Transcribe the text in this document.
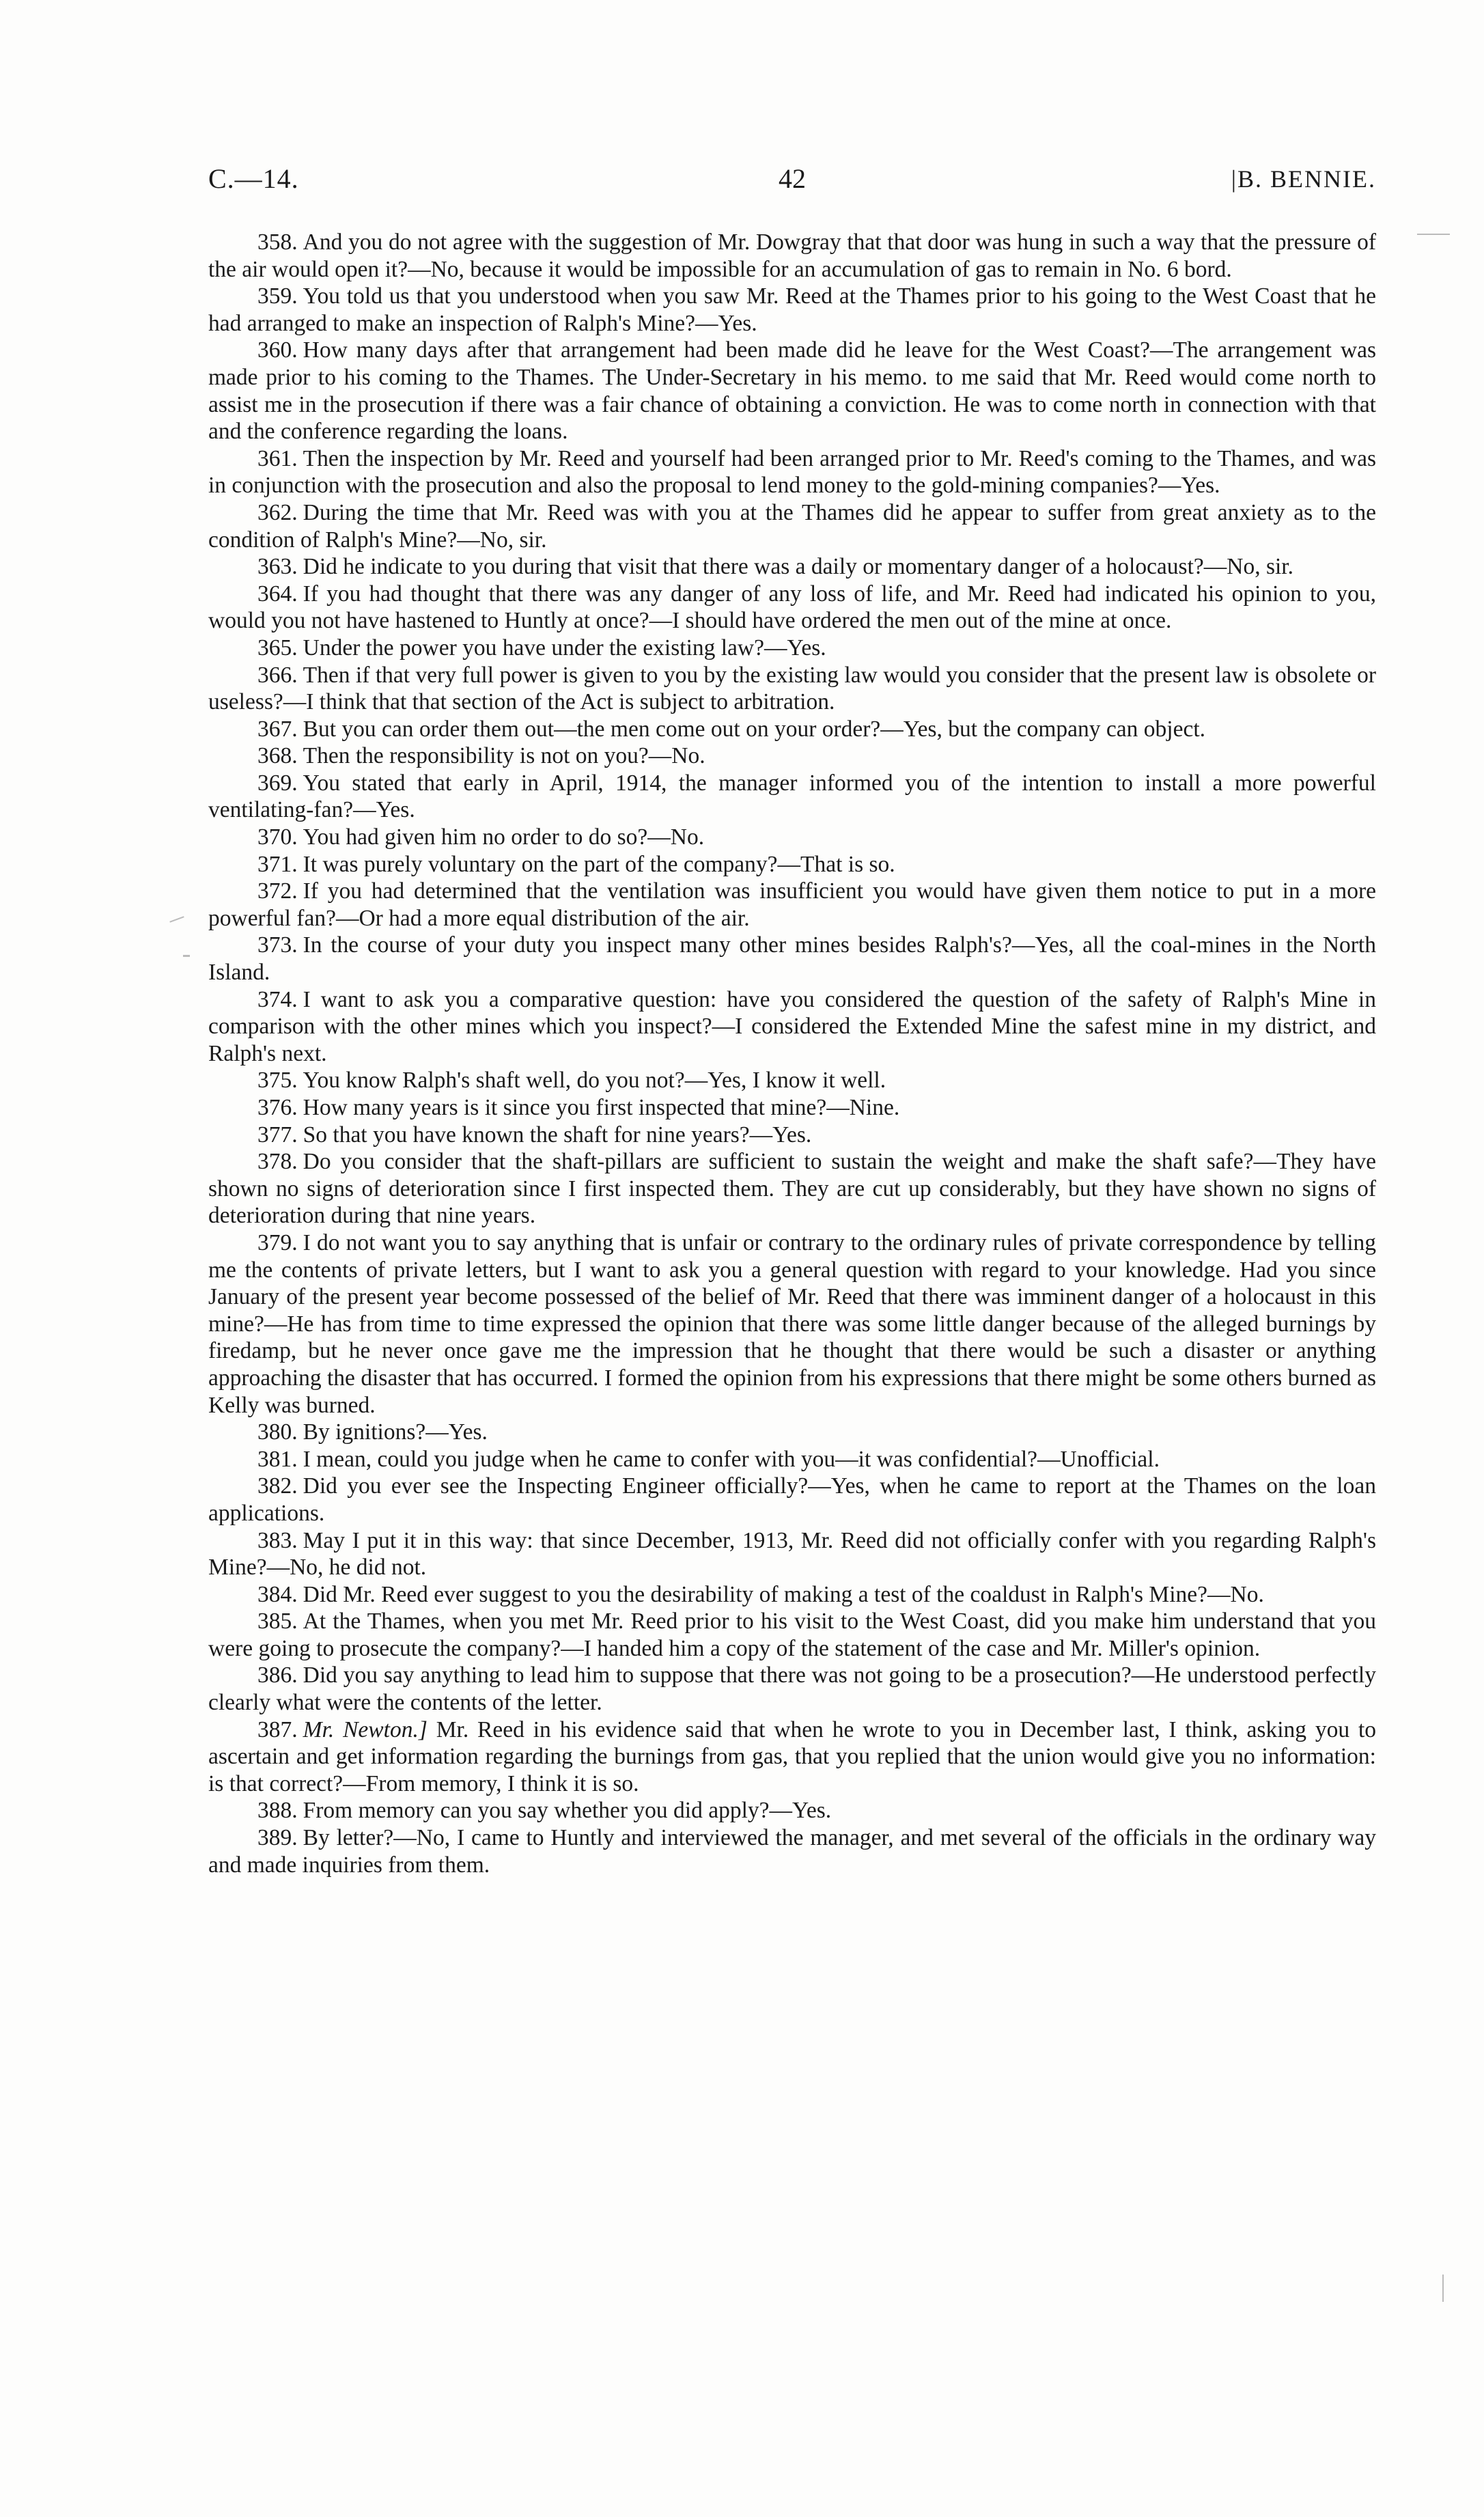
C.—14.	42	|B. BENNIE.

358. And you do not agree with the suggestion of Mr. Dowgray that that door was hung in such a way that the pressure of the air would open it?—No, because it would be impossible for an accumulation of gas to remain in No. 6 bord.

359. You told us that you understood when you saw Mr. Reed at the Thames prior to his going to the West Coast that he had arranged to make an inspection of Ralph's Mine?—Yes.

360. How many days after that arrangement had been made did he leave for the West Coast?—The arrangement was made prior to his coming to the Thames. The Under-Secretary in his memo. to me said that Mr. Reed would come north to assist me in the prosecution if there was a fair chance of obtaining a conviction. He was to come north in connection with that and the conference regarding the loans.

361. Then the inspection by Mr. Reed and yourself had been arranged prior to Mr. Reed's coming to the Thames, and was in conjunction with the prosecution and also the proposal to lend money to the gold-mining companies?—Yes.

362. During the time that Mr. Reed was with you at the Thames did he appear to suffer from great anxiety as to the condition of Ralph's Mine?—No, sir.

363. Did he indicate to you during that visit that there was a daily or momentary danger of a holocaust?—No, sir.

364. If you had thought that there was any danger of any loss of life, and Mr. Reed had indicated his opinion to you, would you not have hastened to Huntly at once?—I should have ordered the men out of the mine at once.

365. Under the power you have under the existing law?—Yes.

366. Then if that very full power is given to you by the existing law would you consider that the present law is obsolete or useless?—I think that that section of the Act is subject to arbitration.

367. But you can order them out—the men come out on your order?—Yes, but the company can object.

368. Then the responsibility is not on you?—No.

369. You stated that early in April, 1914, the manager informed you of the intention to install a more powerful ventilating-fan?—Yes.

370. You had given him no order to do so?—No.

371. It was purely voluntary on the part of the company?—That is so.

372. If you had determined that the ventilation was insufficient you would have given them notice to put in a more powerful fan?—Or had a more equal distribution of the air.

373. In the course of your duty you inspect many other mines besides Ralph's?—Yes, all the coal-mines in the North Island.

374. I want to ask you a comparative question: have you considered the question of the safety of Ralph's Mine in comparison with the other mines which you inspect?—I considered the Extended Mine the safest mine in my district, and Ralph's next.

375. You know Ralph's shaft well, do you not?—Yes, I know it well.

376. How many years is it since you first inspected that mine?—Nine.

377. So that you have known the shaft for nine years?—Yes.

378. Do you consider that the shaft-pillars are sufficient to sustain the weight and make the shaft safe?—They have shown no signs of deterioration since I first inspected them. They are cut up considerably, but they have shown no signs of deterioration during that nine years.

379. I do not want you to say anything that is unfair or contrary to the ordinary rules of private correspondence by telling me the contents of private letters, but I want to ask you a general question with regard to your knowledge. Had you since January of the present year become possessed of the belief of Mr. Reed that there was imminent danger of a holocaust in this mine?—He has from time to time expressed the opinion that there was some little danger because of the alleged burnings by firedamp, but he never once gave me the impression that he thought that there would be such a disaster or anything approaching the disaster that has occurred. I formed the opinion from his expressions that there might be some others burned as Kelly was burned.

380. By ignitions?—Yes.

381. I mean, could you judge when he came to confer with you—it was confidential?—Unofficial.

382. Did you ever see the Inspecting Engineer officially?—Yes, when he came to report at the Thames on the loan applications.

383. May I put it in this way: that since December, 1913, Mr. Reed did not officially confer with you regarding Ralph's Mine?—No, he did not.

384. Did Mr. Reed ever suggest to you the desirability of making a test of the coaldust in Ralph's Mine?—No.

385. At the Thames, when you met Mr. Reed prior to his visit to the West Coast, did you make him understand that you were going to prosecute the company?—I handed him a copy of the statement of the case and Mr. Miller's opinion.

386. Did you say anything to lead him to suppose that there was not going to be a prosecution?—He understood perfectly clearly what were the contents of the letter.

387. Mr. Newton.] Mr. Reed in his evidence said that when he wrote to you in December last, I think, asking you to ascertain and get information regarding the burnings from gas, that you replied that the union would give you no information: is that correct?—From memory, I think it is so.

388. From memory can you say whether you did apply?—Yes.

389. By letter?—No, I came to Huntly and interviewed the manager, and met several of the officials in the ordinary way and made inquiries from them.
